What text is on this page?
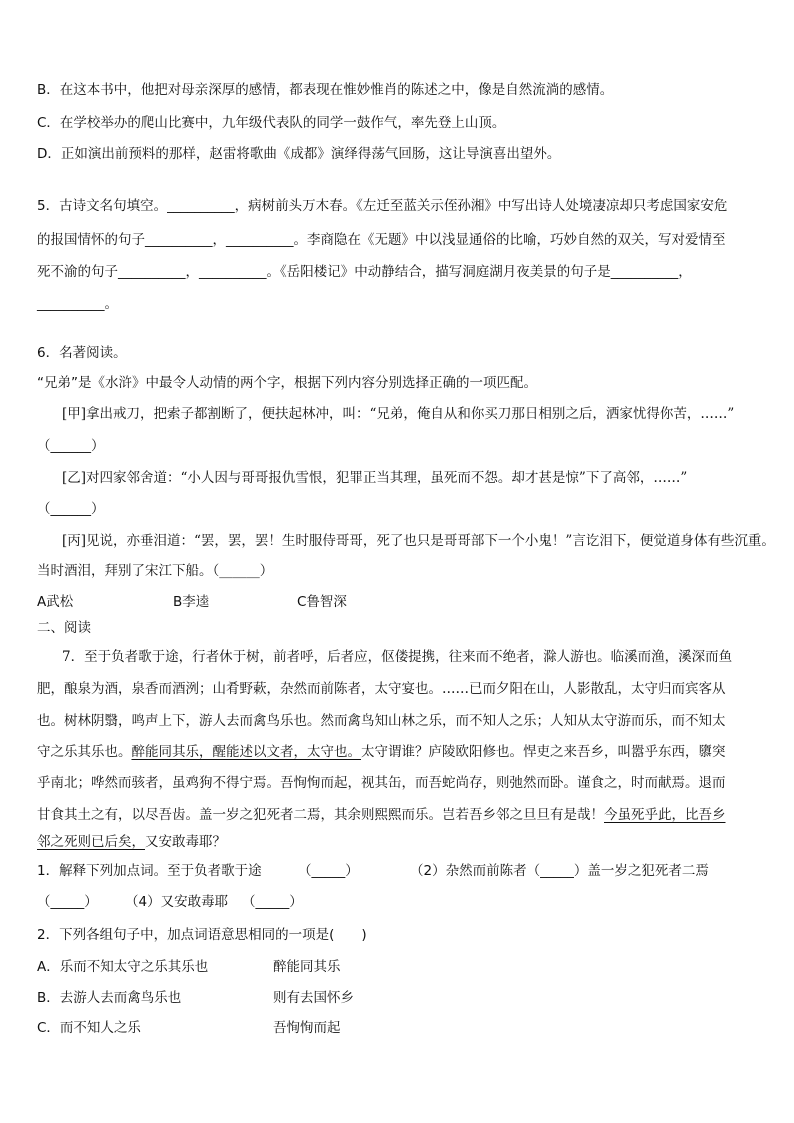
B．在这本书中，他把对母亲深厚的感情，都表现在惟妙惟肖的陈述之中，像是自然流淌的感情。
C．在学校举办的爬山比赛中，九年级代表队的同学一鼓作气，率先登上山顶。
D．正如演出前预料的那样，赵雷将歌曲《成都》演绎得荡气回肠，这让导演喜出望外。
5．古诗文名句填空。__________，病树前头万木春。《左迁至蓝关示侄孙湘》中写出诗人处境凄凉却只考虑国家安危
的报国情怀的句子__________，__________。李商隐在《无题》中以浅显通俗的比喻，巧妙自然的双关，写对爱情至
死不渝的句子__________，__________。《岳阳楼记》中动静结合，描写洞庭湖月夜美景的句子是__________，
__________。
6．名著阅读。
“兄弟”是《水浒》中最令人动情的两个字，根据下列内容分别选择正确的一项匹配。
[甲]拿出戒刀，把索子都割断了，便扶起林冲，叫：“兄弟，俺自从和你买刀那日相别之后，洒家忧得你苦，……”
（______）
[乙]对四家邻舍道：“小人因与哥哥报仇雪恨，犯罪正当其理，虽死而不怨。却才甚是惊”下了高邻，……”
（______）
[丙]见说，亦垂泪道：“罢，罢，罢！生时服侍哥哥，死了也只是哥哥部下一个小鬼！”言讫泪下，便觉道身体有些沉重。
当时酒泪，拜别了宋江下船。（______）
A武松	B李逵	C鲁智深
二、阅读
7．至于负者歌于途，行者休于树，前者呼，后者应，伛偻提携，往来而不绝者，滁人游也。临溪而渔，溪深而鱼
肥，酿泉为酒，泉香而酒洌；山肴野蔌，杂然而前陈者，太守宴也。……已而夕阳在山，人影散乱，太守归而宾客从
也。树林阴翳，鸣声上下，游人去而禽鸟乐也。然而禽鸟知山林之乐，而不知人之乐；人知从太守游而乐，而不知太
守之乐其乐也。醉能同其乐，醒能述以文者，太守也。太守谓谁？庐陵欧阳修也。悍吏之来吾乡，叫嚣乎东西，隳突
乎南北；哗然而骇者，虽鸡狗不得宁焉。吾恂恂而起，视其缶，而吾蛇尚存，则弛然而卧。谨食之，时而献焉。退而
甘食其土之有，以尽吾齿。盖一岁之犯死者二焉，其余则熙熙而乐。岂若吾乡邻之旦旦有是哉！今虽死乎此，比吾乡
邻之死则已后矣，又安敢毒耶？
1．解释下列加点词。至于负者歌于途	（_____）	（2）杂然而前陈者（_____）盖一岁之犯死者二焉
（_____） （4）又安敢毒耶 （_____）
2．下列各组句子中，加点词语意思相同的一项是(　　)
A．乐而不知太守之乐其乐也	醉能同其乐
B．去游人去而禽鸟乐也	则有去国怀乡
C．而不知人之乐	吾恂恂而起
